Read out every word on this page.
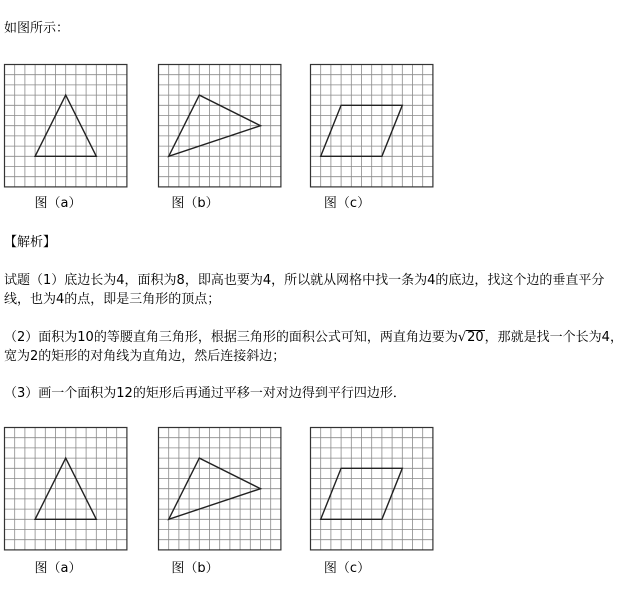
如图所示：
图（a）	图（b）	图（c）
【解析】
试题（1）底边长为4，面积为8，即高也要为4，所以就从网格中找一条为4的底边，找这个边的垂直平分线，也为4的点，即是三角形的顶点；
（2）面积为10的等腰直角三角形，根据三角形的面积公式可知，两直角边要为√20，那就是找一个长为4，宽为2的矩形的对角线为直角边，然后连接斜边；
（3）画一个面积为12的矩形后再通过平移一对对边得到平行四边形．
图（a）	图（b）	图（c）
